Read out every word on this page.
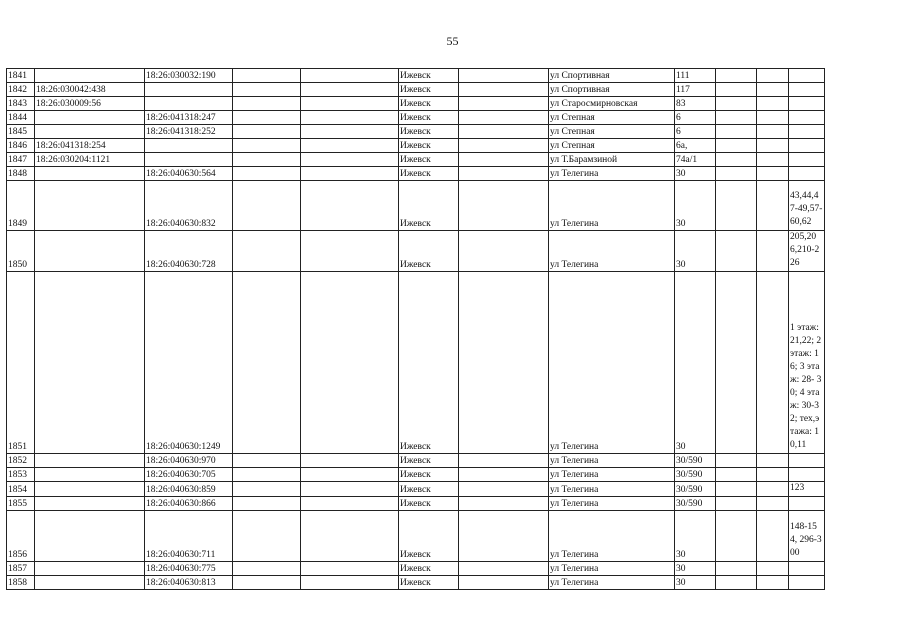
55
1841		18:26:030032:190			Ижевск		ул Спортивная	111			
1842	18:26:030042:438				Ижевск		ул Спортивная	117			
1843	18:26:030009:56				Ижевск		ул Старосмирновская	83			
1844		18:26:041318:247			Ижевск		ул Степная	6			
1845		18:26:041318:252			Ижевск		ул Степная	6			
1846	18:26:041318:254				Ижевск		ул Степная	6а,			
1847	18:26:030204:1121				Ижевск		ул Т.Барамзиной	74а/1			
1848		18:26:040630:564			Ижевск		ул Телегина	30			
1849		18:26:040630:832			Ижевск		ул Телегина	30			43,44,47-49,57-60,62
1850		18:26:040630:728			Ижевск		ул Телегина	30			205,206,210-226
1851		18:26:040630:1249			Ижевск		ул Телегина	30			1 этаж: 21,22; 2 этаж: 16; 3 этаж: 28- 30; 4 этаж: 30-32; тех,этажа: 10,11
1852		18:26:040630:970			Ижевск		ул Телегина	30/590			
1853		18:26:040630:705			Ижевск		ул Телегина	30/590			
1854		18:26:040630:859			Ижевск		ул Телегина	30/590			123
1855		18:26:040630:866			Ижевск		ул Телегина	30/590			
1856		18:26:040630:711			Ижевск		ул Телегина	30			148-154, 296-300
1857		18:26:040630:775			Ижевск		ул Телегина	30			
1858		18:26:040630:813			Ижевск		ул Телегина	30			
